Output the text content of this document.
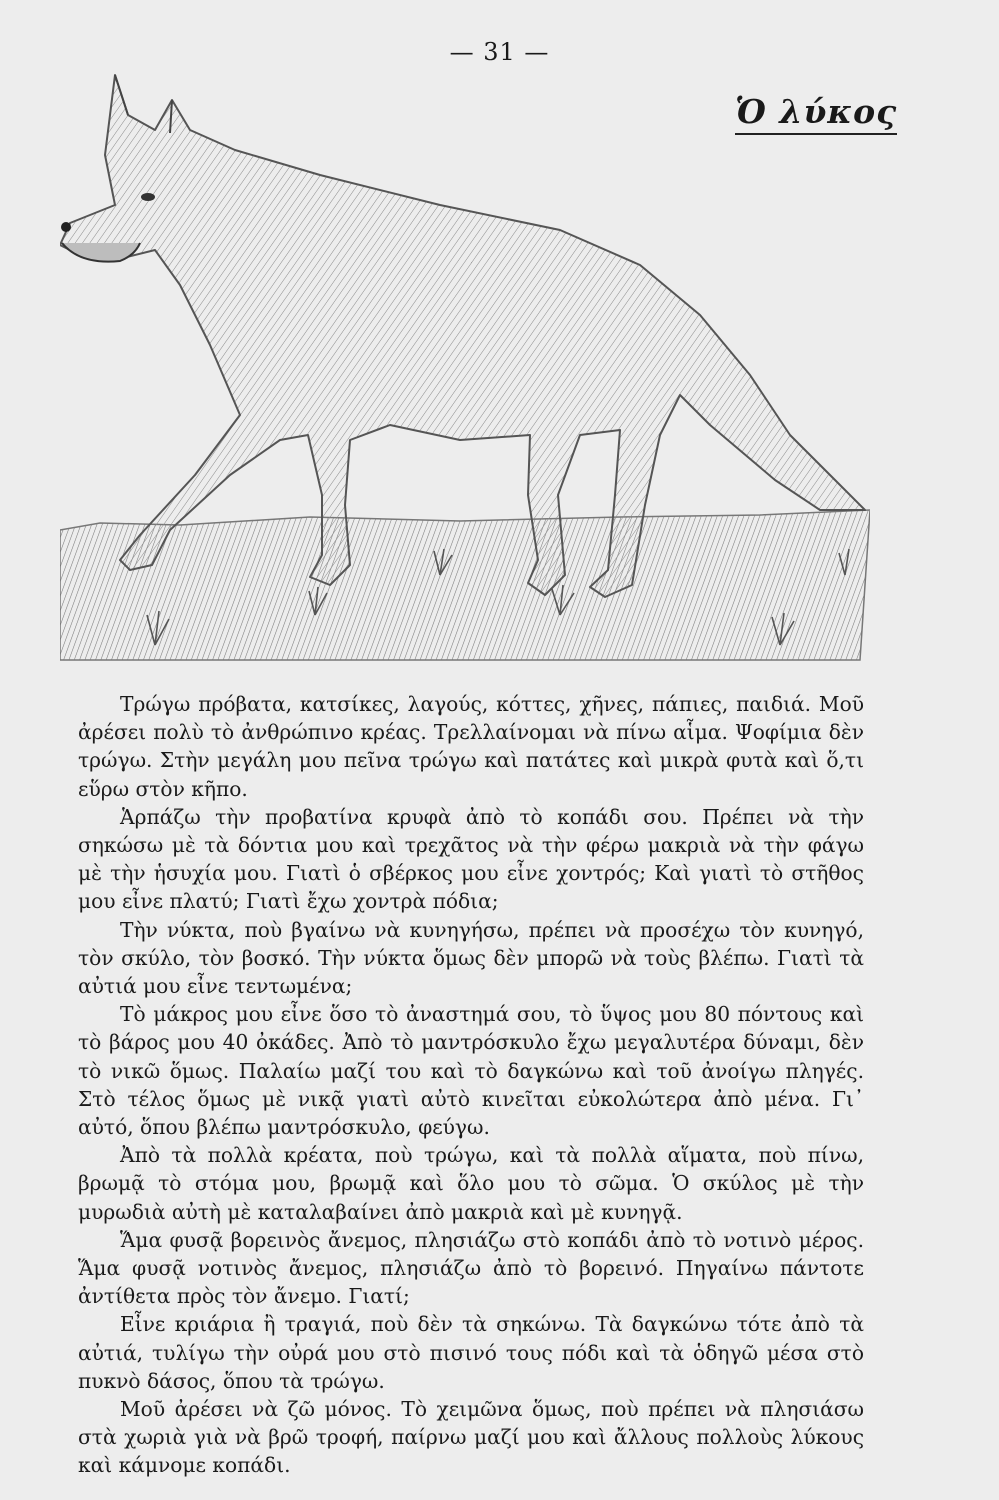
— 31 —
Ὁ λύκος

Τρώγω πρόβατα, κατσίκες, λαγούς, κόττες, χῆνες, πάπιες, παιδιά. Μοῦ ἀρέσει πολὺ τὸ ἀνθρώπινο κρέας. Τρελλαίνομαι νὰ πίνω αἷμα. Ψοφίμια δὲν τρώγω. Στὴν μεγάλη μου πεῖνα τρώγω καὶ πατάτες καὶ μικρὰ φυτὰ καὶ ὅ,τι εὕρω στὸν κῆπο.

Ἁρπάζω τὴν προβατίνα κρυφὰ ἀπὸ τὸ κοπάδι σου. Πρέπει νὰ τὴν σηκώσω μὲ τὰ δόντια μου καὶ τρεχᾶτος νὰ τὴν φέρω μακριὰ νὰ τὴν φάγω μὲ τὴν ἡσυχία μου. Γιατὶ ὁ σβέρκος μου εἶνε χοντρός; Καὶ γιατὶ τὸ στῆθος μου εἶνε πλατύ; Γιατὶ ἔχω χοντρὰ πόδια;

Τὴν νύκτα, ποὺ βγαίνω νὰ κυνηγήσω, πρέπει νὰ προσέχω τὸν κυνηγό, τὸν σκύλο, τὸν βοσκό. Τὴν νύκτα ὅμως δὲν μπορῶ νὰ τοὺς βλέπω. Γιατὶ τὰ αὐτιά μου εἶνε τεντωμένα;

Τὸ μάκρος μου εἶνε ὅσο τὸ ἀναστημά σου, τὸ ὕψος μου 80 πόντους καὶ τὸ βάρος μου 40 ὀκάδες. Ἀπὸ τὸ μαντρόσκυλο ἔχω μεγαλυτέρα δύναμι, δὲν τὸ νικῶ ὅμως. Παλαίω μαζί του καὶ τὸ δαγκώνω καὶ τοῦ ἀνοίγω πληγές. Στὸ τέλος ὅμως μὲ νικᾷ γιατὶ αὐτὸ κινεῖται εὐκολώτερα ἀπὸ μένα. Γι᾿ αὐτό, ὅπου βλέπω μαντρόσκυλο, φεύγω.

Ἀπὸ τὰ πολλὰ κρέατα, ποὺ τρώγω, καὶ τὰ πολλὰ αἵματα, ποὺ πίνω, βρωμᾷ τὸ στόμα μου, βρωμᾷ καὶ ὅλο μου τὸ σῶμα. Ὁ σκύλος μὲ τὴν μυρωδιὰ αὐτὴ μὲ καταλαβαίνει ἀπὸ μακριὰ καὶ μὲ κυνηγᾷ.

Ἅμα φυσᾷ βορεινὸς ἄνεμος, πλησιάζω στὸ κοπάδι ἀπὸ τὸ νοτινὸ μέρος. Ἅμα φυσᾷ νοτινὸς ἄνεμος, πλησιάζω ἀπὸ τὸ βορεινό. Πηγαίνω πάντοτε ἀντίθετα πρὸς τὸν ἄνεμο. Γιατί;

Εἶνε κριάρια ἢ τραγιά, ποὺ δὲν τὰ σηκώνω. Τὰ δαγκώνω τότε ἀπὸ τὰ αὐτιά, τυλίγω τὴν οὐρά μου στὸ πισινό τους πόδι καὶ τὰ ὁδηγῶ μέσα στὸ πυκνὸ δάσος, ὅπου τὰ τρώγω.

Μοῦ ἀρέσει νὰ ζῶ μόνος. Τὸ χειμῶνα ὅμως, ποὺ πρέπει νὰ πλησιάσω στὰ χωριὰ γιὰ νὰ βρῶ τροφή, παίρνω μαζί μου καὶ ἄλλους πολλοὺς λύκους καὶ κάμνομε κοπάδι.
